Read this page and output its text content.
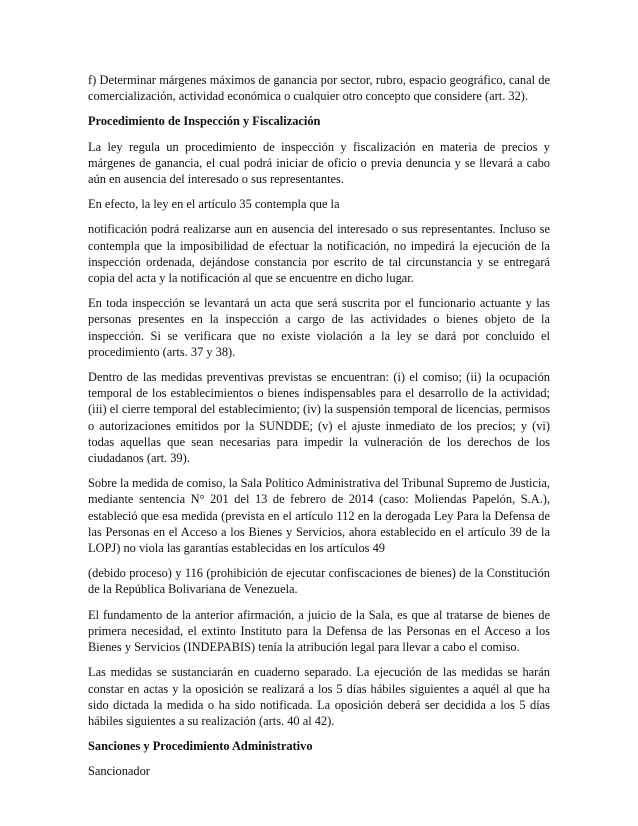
f) Determinar márgenes máximos de ganancia por sector, rubro, espacio geográfico, canal de comercialización, actividad económica o cualquier otro concepto que considere (art. 32).

Procedimiento de Inspección y Fiscalización

La ley regula un procedimiento de inspección y fiscalización en materia de precios y márgenes de ganancia, el cual podrá iniciar de oficio o previa denuncia y se llevará a cabo aún en ausencia del interesado o sus representantes.

En efecto, la ley en el artículo 35 contempla que la

notificación podrá realizarse aun en ausencia del interesado o sus representantes. Incluso se contempla que la imposibilidad de efectuar la notificación, no impedirá la ejecución de la inspección ordenada, dejándose constancia por escrito de tal circunstancia y se entregará copia del acta y la notificación al que se encuentre en dicho lugar.

En toda inspección se levantará un acta que será suscrita por el funcionario actuante y las personas presentes en la inspección a cargo de las actividades o bienes objeto de la inspección. Si se verificara que no existe violación a la ley se dará por concluido el procedimiento (arts. 37 y 38).

Dentro de las medidas preventivas previstas se encuentran: (i) el comiso; (ii) la ocupación temporal de los establecimientos o bienes indispensables para el desarrollo de la actividad; (iii) el cierre temporal del establecimiento; (iv) la suspensión temporal de licencias, permisos o autorizaciones emitidos por la SUNDDE; (v) el ajuste inmediato de los precios; y (vi) todas aquellas que sean necesarias para impedir la vulneración de los derechos de los ciudadanos (art. 39).

Sobre la medida de comiso, la Sala Político Administrativa del Tribunal Supremo de Justicia, mediante sentencia N° 201 del 13 de febrero de 2014 (caso: Moliendas Papelón, S.A.), estableció que esa medida (prevista en el artículo 112 en la derogada Ley Para la Defensa de las Personas en el Acceso a los Bienes y Servicios, ahora establecido en el artículo 39 de la LOPJ) no viola las garantías establecidas en los artículos 49

(debido proceso) y 116 (prohibición de ejecutar confiscaciones de bienes) de la Constitución de la República Bolivariana de Venezuela.

El fundamento de la anterior afirmación, a juicio de la Sala, es que al tratarse de bienes de primera necesidad, el extinto Instituto para la Defensa de las Personas en el Acceso a los Bienes y Servicios (INDEPABIS) tenía la atribución legal para llevar a cabo el comiso.

Las medidas se sustanciarán en cuaderno separado. La ejecución de las medidas se harán constar en actas y la oposición se realizará a los 5 días hábiles siguientes a aquél al que ha sido dictada la medida o ha sido notificada. La oposición deberá ser decidida a los 5 días hábiles siguientes a su realización (arts. 40 al 42).

Sanciones y Procedimiento Administrativo

Sancionador
